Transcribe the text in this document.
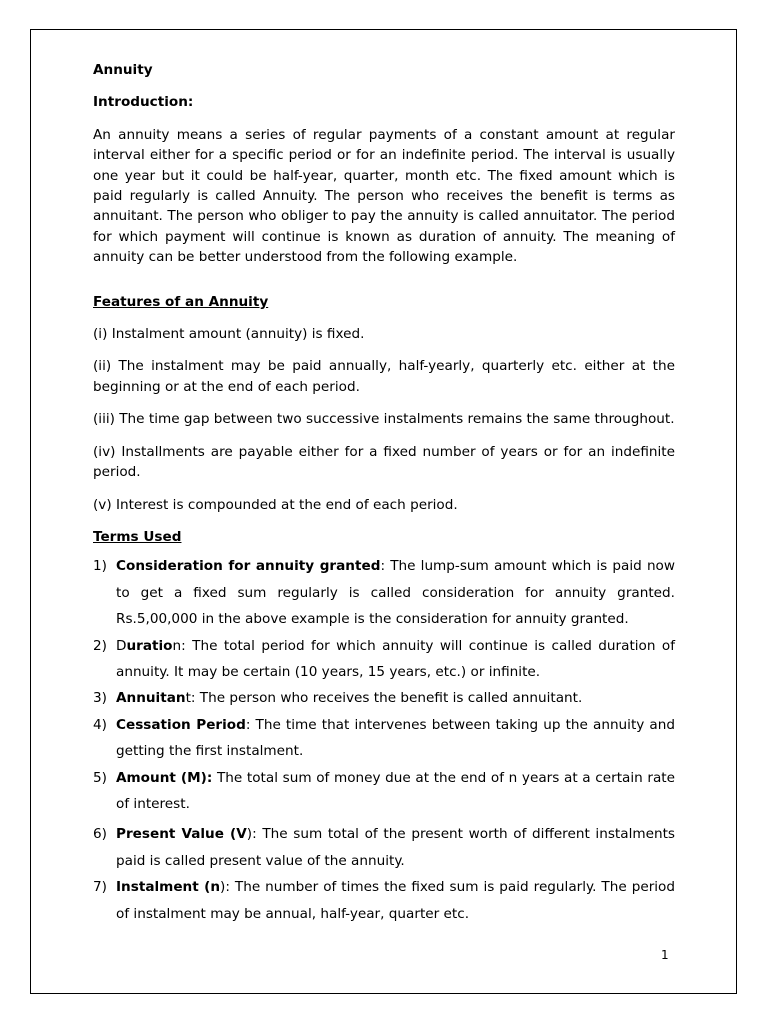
Annuity
Introduction:

An annuity means a series of regular payments of a constant amount at regular interval either for a specific period or for an indefinite period. The interval is usually one year but it could be half-year, quarter, month etc. The fixed amount which is paid regularly is called Annuity. The person who receives the benefit is terms as annuitant. The person who obliger to pay the annuity is called annuitator. The period for which payment will continue is known as duration of annuity. The meaning of annuity can be better understood from the following example.

Features of an Annuity

(i) Instalment amount (annuity) is fixed.

(ii) The instalment may be paid annually, half-yearly, quarterly etc. either at the beginning or at the end of each period.

(iii) The time gap between two successive instalments remains the same throughout.

(iv) Installments are payable either for a fixed number of years or for an indefinite period.

(v) Interest is compounded at the end of each period.

Terms Used
1) Consideration for annuity granted: The lump-sum amount which is paid now to get a fixed sum regularly is called consideration for annuity granted. Rs.5,00,000 in the above example is the consideration for annuity granted.
2) Duration: The total period for which annuity will continue is called duration of annuity. It may be certain (10 years, 15 years, etc.) or infinite.
3) Annuitant: The person who receives the benefit is called annuitant.
4) Cessation Period: The time that intervenes between taking up the annuity and getting the first instalment.
5) Amount (M): The total sum of money due at the end of n years at a certain rate of interest.
6) Present Value (V): The sum total of the present worth of different instalments paid is called present value of the annuity.
7) Instalment (n): The number of times the fixed sum is paid regularly. The period of instalment may be annual, half-year, quarter etc.
1
